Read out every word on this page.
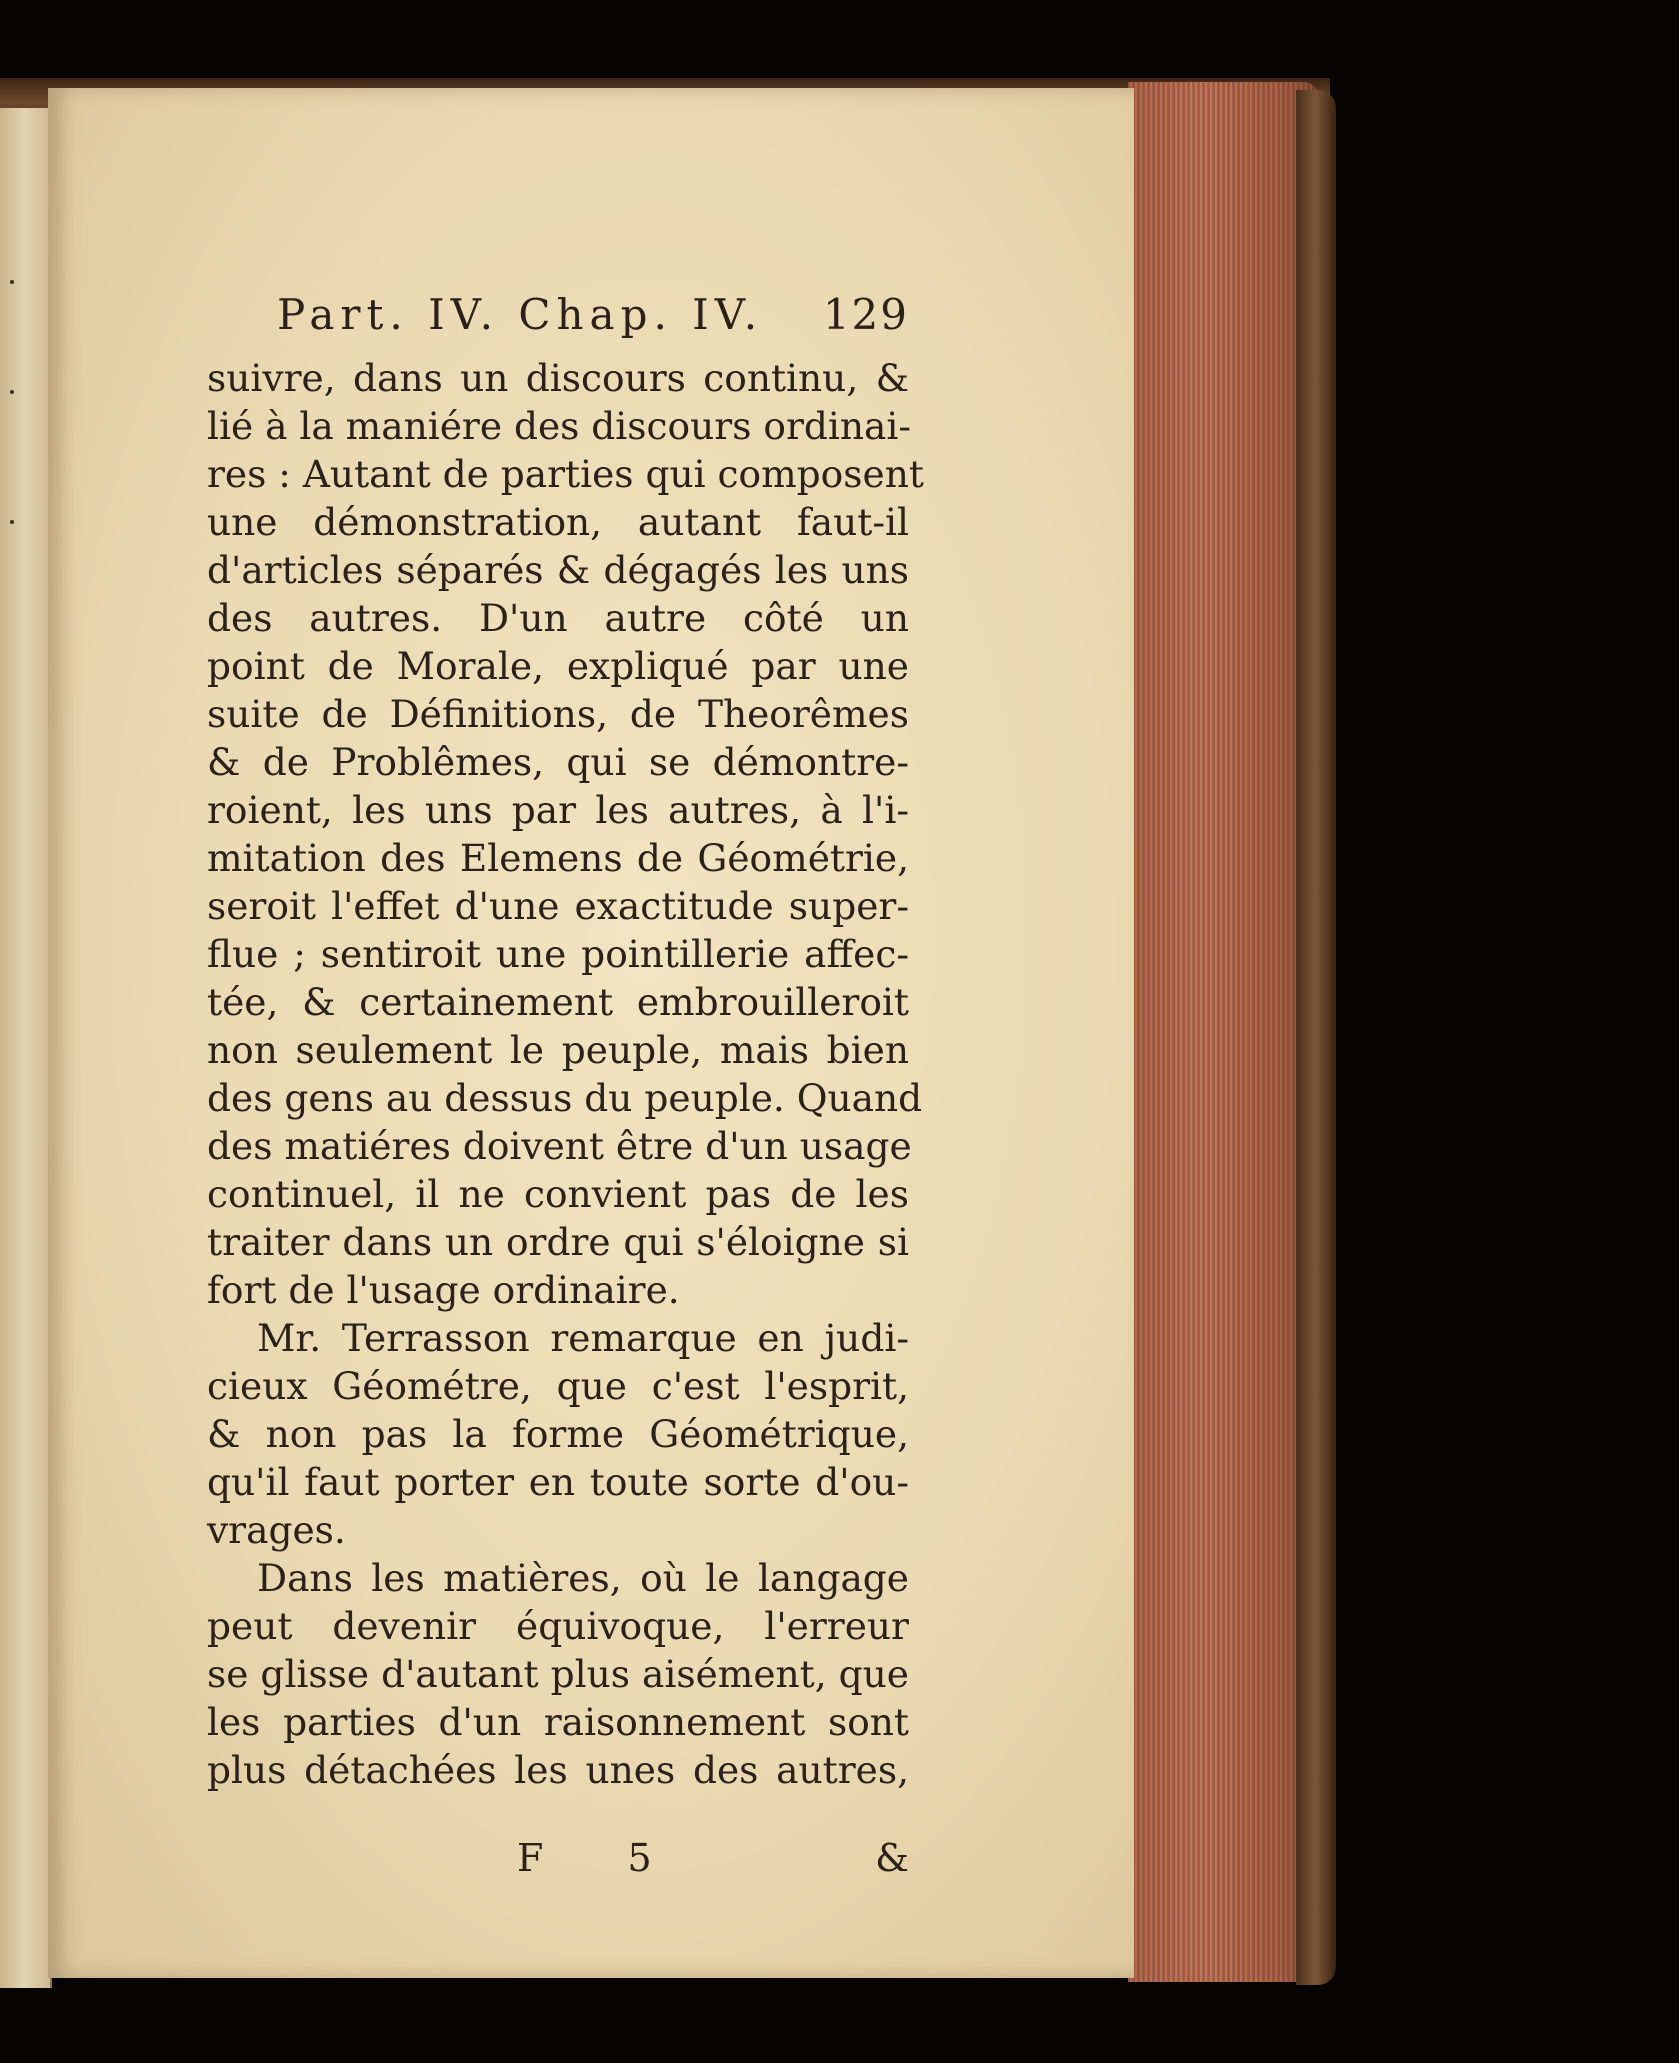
Part. IV. Chap. IV. 129
suivre, dans un discours continu, &
lié à la maniére des discours ordinai-
res : Autant de parties qui composent
une démonstration, autant faut-il
d'articles séparés & dégagés les uns
des autres. D'un autre côté un
point de Morale, expliqué par une
suite de Définitions, de Theorêmes
& de Problêmes, qui se démontre-
roient, les uns par les autres, à l'i-
mitation des Elemens de Géométrie,
seroit l'effet d'une exactitude super-
flue ; sentiroit une pointillerie affec-
tée, & certainement embrouilleroit
non seulement le peuple, mais bien
des gens au dessus du peuple. Quand
des matiéres doivent être d'un usage
continuel, il ne convient pas de les
traiter dans un ordre qui s'éloigne si
fort de l'usage ordinaire.
Mr. Terrasson remarque en judi-
cieux Géométre, que c'est l'esprit,
& non pas la forme Géométrique,
qu'il faut porter en toute sorte d'ou-
vrages.
Dans les matières, où le langage
peut devenir équivoque, l'erreur
se glisse d'autant plus aisément, que
les parties d'un raisonnement sont
plus détachées les unes des autres,
F 5	&
